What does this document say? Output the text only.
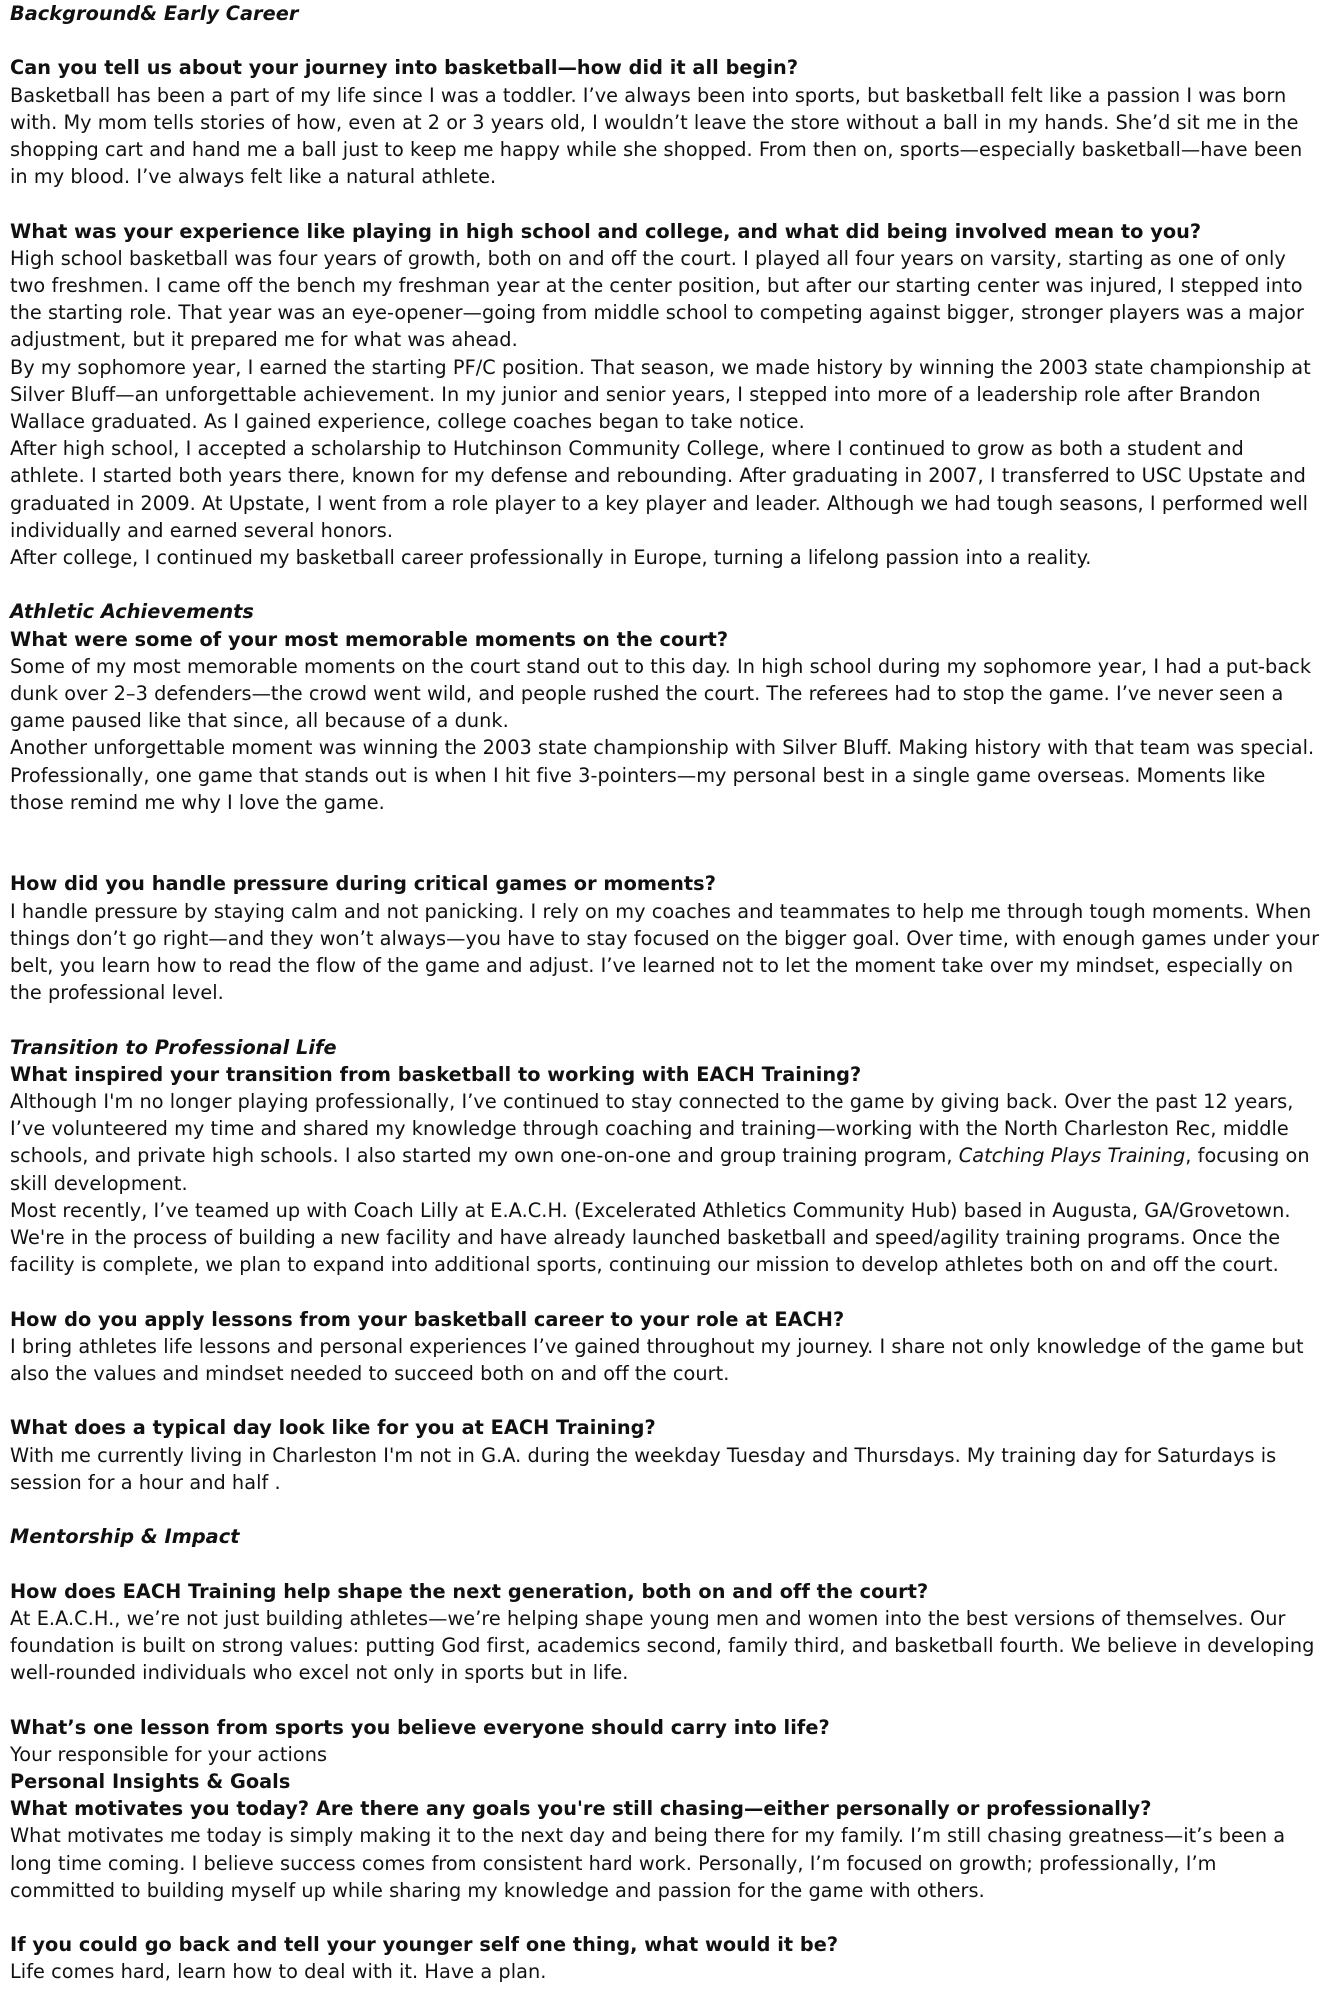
Background& Early Career

Can you tell us about your journey into basketball—how did it all begin?

Basketball has been a part of my life since I was a toddler. I’ve always been into sports, but basketball felt like a passion I was born with. My mom tells stories of how, even at 2 or 3 years old, I wouldn’t leave the store without a ball in my hands. She’d sit me in the shopping cart and hand me a ball just to keep me happy while she shopped. From then on, sports—especially basketball—have been in my blood. I’ve always felt like a natural athlete.

What was your experience like playing in high school and college, and what did being involved mean to you?

High school basketball was four years of growth, both on and off the court. I played all four years on varsity, starting as one of only two freshmen. I came off the bench my freshman year at the center position, but after our starting center was injured, I stepped into the starting role. That year was an eye-opener—going from middle school to competing against bigger, stronger players was a major adjustment, but it prepared me for what was ahead.

By my sophomore year, I earned the starting PF/C position. That season, we made history by winning the 2003 state championship at Silver Bluff—an unforgettable achievement. In my junior and senior years, I stepped into more of a leadership role after Brandon Wallace graduated. As I gained experience, college coaches began to take notice.

After high school, I accepted a scholarship to Hutchinson Community College, where I continued to grow as both a student and athlete. I started both years there, known for my defense and rebounding. After graduating in 2007, I transferred to USC Upstate and graduated in 2009. At Upstate, I went from a role player to a key player and leader. Although we had tough seasons, I performed well individually and earned several honors.

After college, I continued my basketball career professionally in Europe, turning a lifelong passion into a reality.

Athletic Achievements

What were some of your most memorable moments on the court?

Some of my most memorable moments on the court stand out to this day. In high school during my sophomore year, I had a put-back dunk over 2–3 defenders—the crowd went wild, and people rushed the court. The referees had to stop the game. I’ve never seen a game paused like that since, all because of a dunk.

Another unforgettable moment was winning the 2003 state championship with Silver Bluff. Making history with that team was special. Professionally, one game that stands out is when I hit five 3-pointers—my personal best in a single game overseas. Moments like those remind me why I love the game.

How did you handle pressure during critical games or moments?

I handle pressure by staying calm and not panicking. I rely on my coaches and teammates to help me through tough moments. When things don’t go right—and they won’t always—you have to stay focused on the bigger goal. Over time, with enough games under your belt, you learn how to read the flow of the game and adjust. I’ve learned not to let the moment take over my mindset, especially on the professional level.

Transition to Professional Life

What inspired your transition from basketball to working with EACH Training?

Although I'm no longer playing professionally, I’ve continued to stay connected to the game by giving back. Over the past 12 years, I’ve volunteered my time and shared my knowledge through coaching and training—working with the North Charleston Rec, middle schools, and private high schools. I also started my own one-on-one and group training program, Catching Plays Training, focusing on skill development.

Most recently, I’ve teamed up with Coach Lilly at E.A.C.H. (Excelerated Athletics Community Hub) based in Augusta, GA/Grovetown. We're in the process of building a new facility and have already launched basketball and speed/agility training programs. Once the facility is complete, we plan to expand into additional sports, continuing our mission to develop athletes both on and off the court.

How do you apply lessons from your basketball career to your role at EACH?

I bring athletes life lessons and personal experiences I’ve gained throughout my journey. I share not only knowledge of the game but also the values and mindset needed to succeed both on and off the court.

What does a typical day look like for you at EACH Training?

With me currently living in Charleston I'm not in G.A. during the weekday Tuesday and Thursdays. My training day for Saturdays is session for a hour and half .

Mentorship & Impact

How does EACH Training help shape the next generation, both on and off the court?

At E.A.C.H., we’re not just building athletes—we’re helping shape young men and women into the best versions of themselves. Our foundation is built on strong values: putting God first, academics second, family third, and basketball fourth. We believe in developing well-rounded individuals who excel not only in sports but in life.

What’s one lesson from sports you believe everyone should carry into life?

Your responsible for your actions

Personal Insights & Goals

What motivates you today? Are there any goals you're still chasing—either personally or professionally?

What motivates me today is simply making it to the next day and being there for my family. I’m still chasing greatness—it’s been a long time coming. I believe success comes from consistent hard work. Personally, I’m focused on growth; professionally, I’m committed to building myself up while sharing my knowledge and passion for the game with others.

If you could go back and tell your younger self one thing, what would it be?

Life comes hard, learn how to deal with it. Have a plan.
